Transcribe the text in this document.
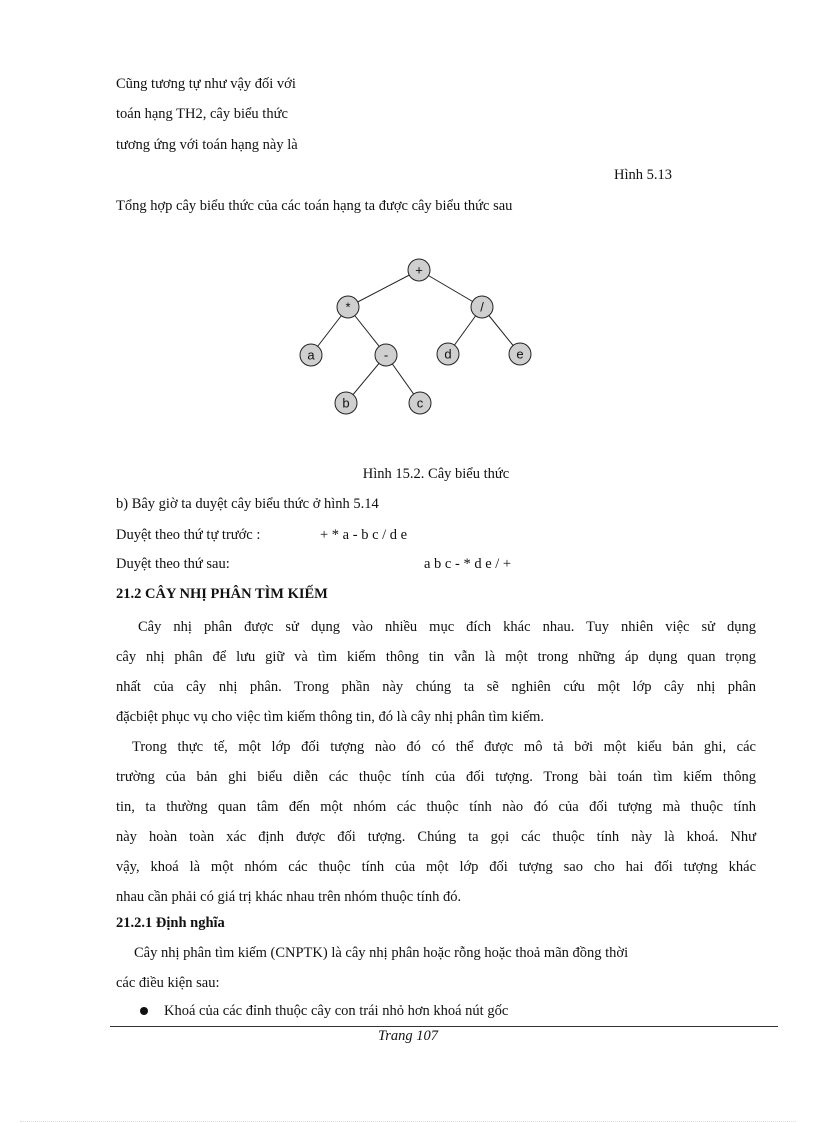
Cũng tương tự như vậy đối với
toán hạng TH2, cây biểu thức
tương ứng với toán hạng này là
Hình 5.13
Tổng hợp cây biểu thức của các toán hạng ta được cây biểu thức sau
+
*	/
a	-	d	e
b	c
Hình 15.2. Cây biểu thức
b) Bây giờ ta duyệt cây biểu thức ở hình 5.14
Duyệt theo thứ tự trước :	+ * a - b c / d e
Duyệt theo thứ sau:	a b c - * d e / +
21.2 CÂY NHỊ PHÂN TÌM KIẾM
Cây nhị phân được sử dụng vào nhiều mục đích khác nhau. Tuy nhiên việc sử dụng
cây nhị phân để lưu giữ và tìm kiếm thông tin vẫn là một trong những áp dụng quan trọng
nhất của cây nhị phân. Trong phần này chúng ta sẽ nghiên cứu một lớp cây nhị phân
đặcbiệt phục vụ cho việc tìm kiếm thông tin, đó là cây nhị phân tìm kiếm.
Trong thực tế, một lớp đối tượng nào đó có thể được mô tả bởi một kiểu bản ghi, các
trường của bản ghi biểu diễn các thuộc tính của đối tượng. Trong bài toán tìm kiếm thông
tin, ta thường quan tâm đến một nhóm các thuộc tính nào đó của đối tượng mà thuộc tính
này hoàn toàn xác định được đối tượng. Chúng ta gọi các thuộc tính này là khoá. Như
vậy, khoá là một nhóm các thuộc tính của một lớp đối tượng sao cho hai đối tượng khác
nhau cần phải có giá trị khác nhau trên nhóm thuộc tính đó.
21.2.1 Định nghĩa
Cây nhị phân tìm kiếm (CNPTK) là cây nhị phân hoặc rỗng hoặc thoả mãn đồng thời
các điều kiện sau:
Khoá của các đỉnh thuộc cây con trái nhỏ hơn khoá nút gốc
Trang 107
